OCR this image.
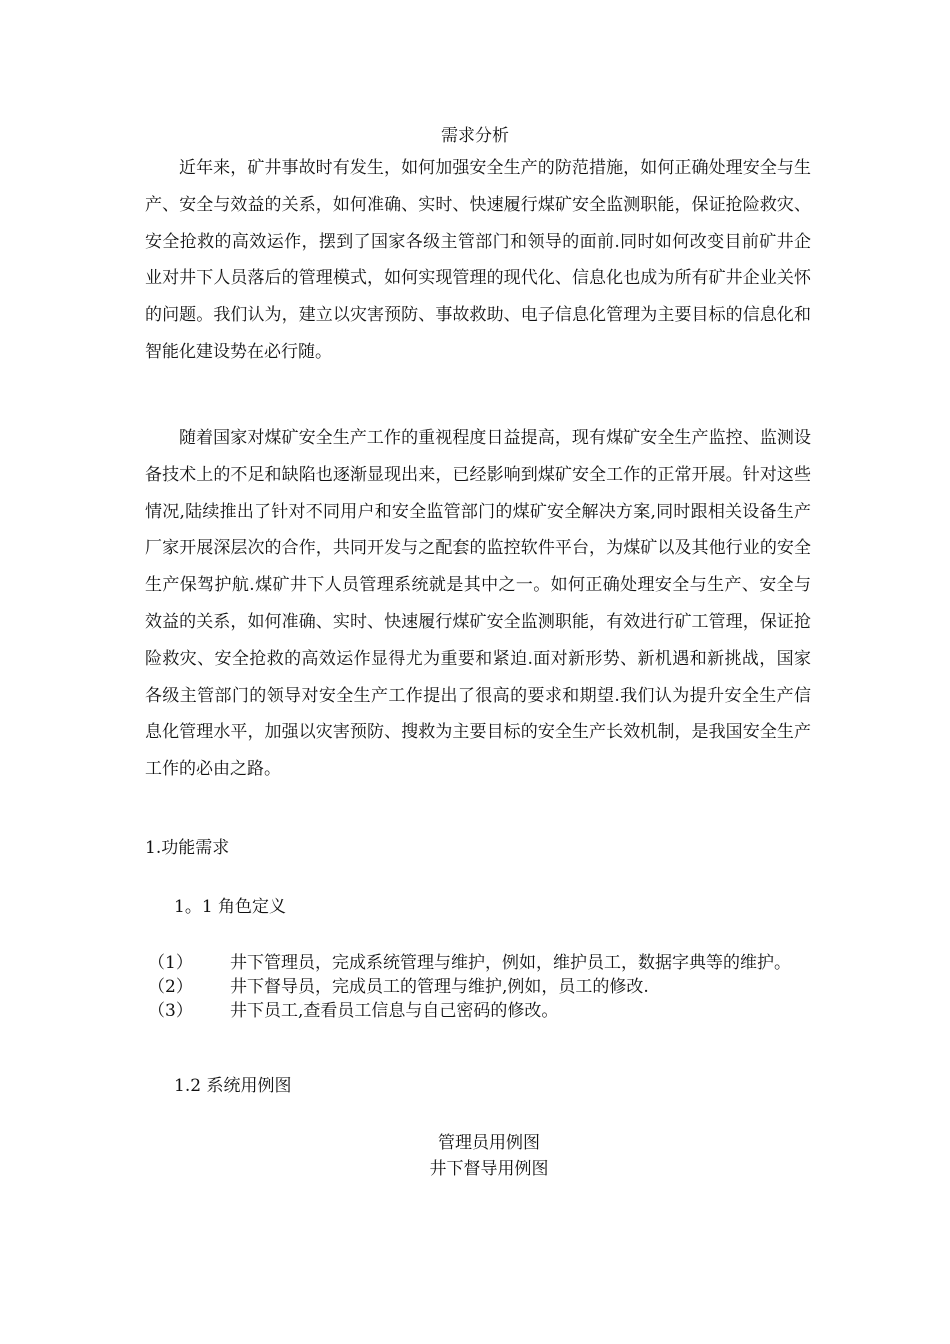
需求分析

近年来，矿井事故时有发生，如何加强安全生产的防范措施，如何正确处理安全与生产、安全与效益的关系，如何准确、实时、快速履行煤矿安全监测职能，保证抢险救灾、安全抢救的高效运作，摆到了国家各级主管部门和领导的面前.同时如何改变目前矿井企业对井下人员落后的管理模式，如何实现管理的现代化、信息化也成为所有矿井企业关怀的问题。我们认为，建立以灾害预防、事故救助、电子信息化管理为主要目标的信息化和智能化建设势在必行随。

随着国家对煤矿安全生产工作的重视程度日益提高，现有煤矿安全生产监控、监测设备技术上的不足和缺陷也逐渐显现出来，已经影响到煤矿安全工作的正常开展。针对这些情况,陆续推出了针对不同用户和安全监管部门的煤矿安全解决方案,同时跟相关设备生产厂家开展深层次的合作，共同开发与之配套的监控软件平台，为煤矿以及其他行业的安全生产保驾护航.煤矿井下人员管理系统就是其中之一。如何正确处理安全与生产、安全与效益的关系，如何准确、实时、快速履行煤矿安全监测职能，有效进行矿工管理，保证抢险救灾、安全抢救的高效运作显得尤为重要和紧迫.面对新形势、新机遇和新挑战，国家各级主管部门的领导对安全生产工作提出了很高的要求和期望.我们认为提升安全生产信息化管理水平，加强以灾害预防、搜救为主要目标的安全生产长效机制，是我国安全生产工作的必由之路。

1.功能需求
1。1 角色定义
（1）	井下管理员，完成系统管理与维护，例如，维护员工，数据字典等的维护。
（2）	井下督导员，完成员工的管理与维护,例如，员工的修改.
（3）	井下员工,查看员工信息与自己密码的修改。
1.2 系统用例图
管理员用例图
井下督导用例图
